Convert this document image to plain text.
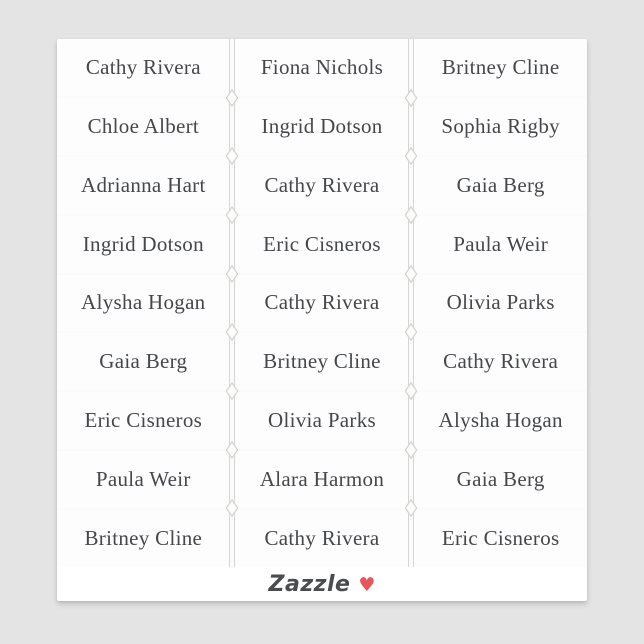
Cathy Rivera	Fiona Nichols	Britney Cline
Chloe Albert	Ingrid Dotson	Sophia Rigby
Adrianna Hart	Cathy Rivera	Gaia Berg
Ingrid Dotson	Eric Cisneros	Paula Weir
Alysha Hogan	Cathy Rivera	Olivia Parks
Gaia Berg	Britney Cline	Cathy Rivera
Eric Cisneros	Olivia Parks	Alysha Hogan
Paula Weir	Alara Harmon	Gaia Berg
Britney Cline	Cathy Rivera	Eric Cisneros
Zazzle ♥
